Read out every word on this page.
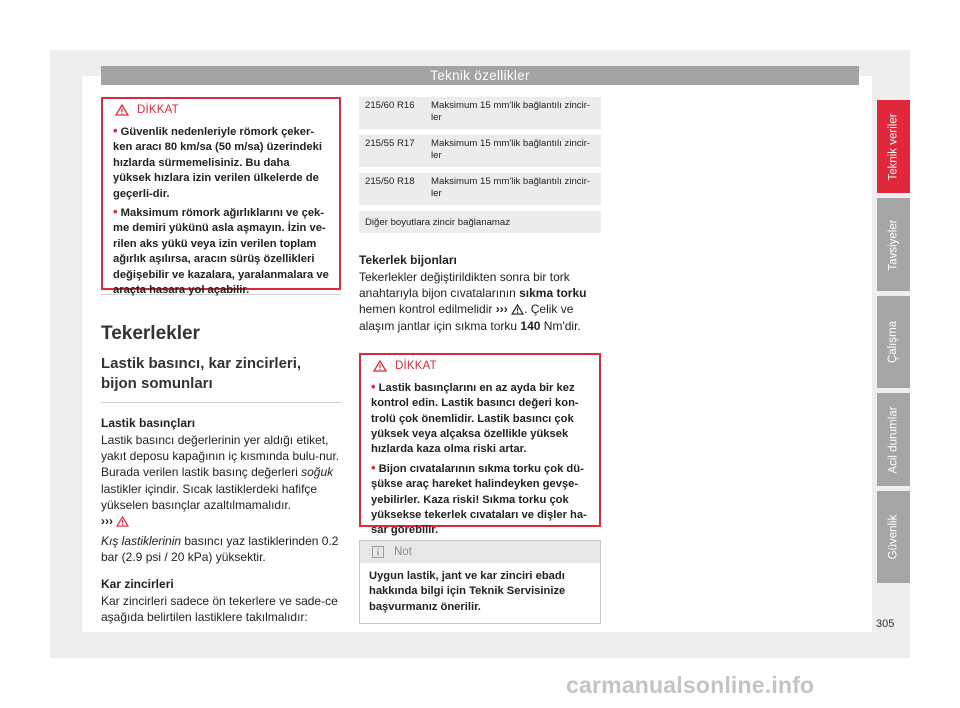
Teknik özellikler
DİKKAT

• Güvenlik nedenleriyle römork çeker-ken aracı 80 km/sa (50 m/sa) üzerindeki hızlarda sürmemelisiniz. Bu daha yüksek hızlara izin verilen ülkelerde de geçerli-dir.

• Maksimum römork ağırlıklarını ve çek-me demiri yükünü asla aşmayın. İzin ve-rilen aks yükü veya izin verilen toplam ağırlık aşılırsa, aracın sürüş özellikleri değişebilir ve kazalara, yaralanmalara ve araçta hasara yol açabilir.

Tekerlekler
Lastik basıncı, kar zincirleri, bijon somunları

Lastik basınçları

Lastik basıncı değerlerinin yer aldığı etiket, yakıt deposu kapağının iç kısmında bulu-nur. Burada verilen lastik basınç değerleri soğuk lastikler içindir. Sıcak lastiklerdeki hafifçe yükselen basınçlar azaltılmamalıdır.
›››

Kış lastiklerinin basıncı yaz lastiklerinden 0.2 bar (2.9 psi / 20 kPa) yüksektir.

Kar zincirleri

Kar zincirleri sadece ön tekerlere ve sade-ce aşağıda belirtilen lastiklere takılmalıdır:

215/60 R16	Maksimum 15 mm'lik bağlantılı zincir-ler

215/55 R17	Maksimum 15 mm'lik bağlantılı zincir-ler

215/50 R18	Maksimum 15 mm'lik bağlantılı zincir-ler

Diğer boyutlara zincir bağlanamaz	

Tekerlek bijonları

Tekerlekler değiştirildikten sonra bir tork anahtarıyla bijon cıvatalarının sıkma torku hemen kontrol edilmelidir ››› . Çelik ve alaşım jantlar için sıkma torku 140 Nm'dir.

DİKKAT

• Lastik basınçlarını en az ayda bir kez kontrol edin. Lastik basıncı değeri kon-trolü çok önemlidir. Lastik basıncı çok yüksek veya alçaksa özellikle yüksek hızlarda kaza olma riski artar.

• Bijon cıvatalarının sıkma torku çok dü-şükse araç hareket halindeyken gevşe-yebilirler. Kaza riski! Sıkma torku çok yüksekse tekerlek cıvataları ve dişler ha-sar görebilir.

Not
Uygun lastik, jant ve kar zinciri ebadı hakkında bilgi için Teknik Servisinize başvurmanız önerilir.
Teknik veriler
Tavsiyeler
Çalışma
Acil durumlar
Güvenlik
305
carmanualsonline.info
